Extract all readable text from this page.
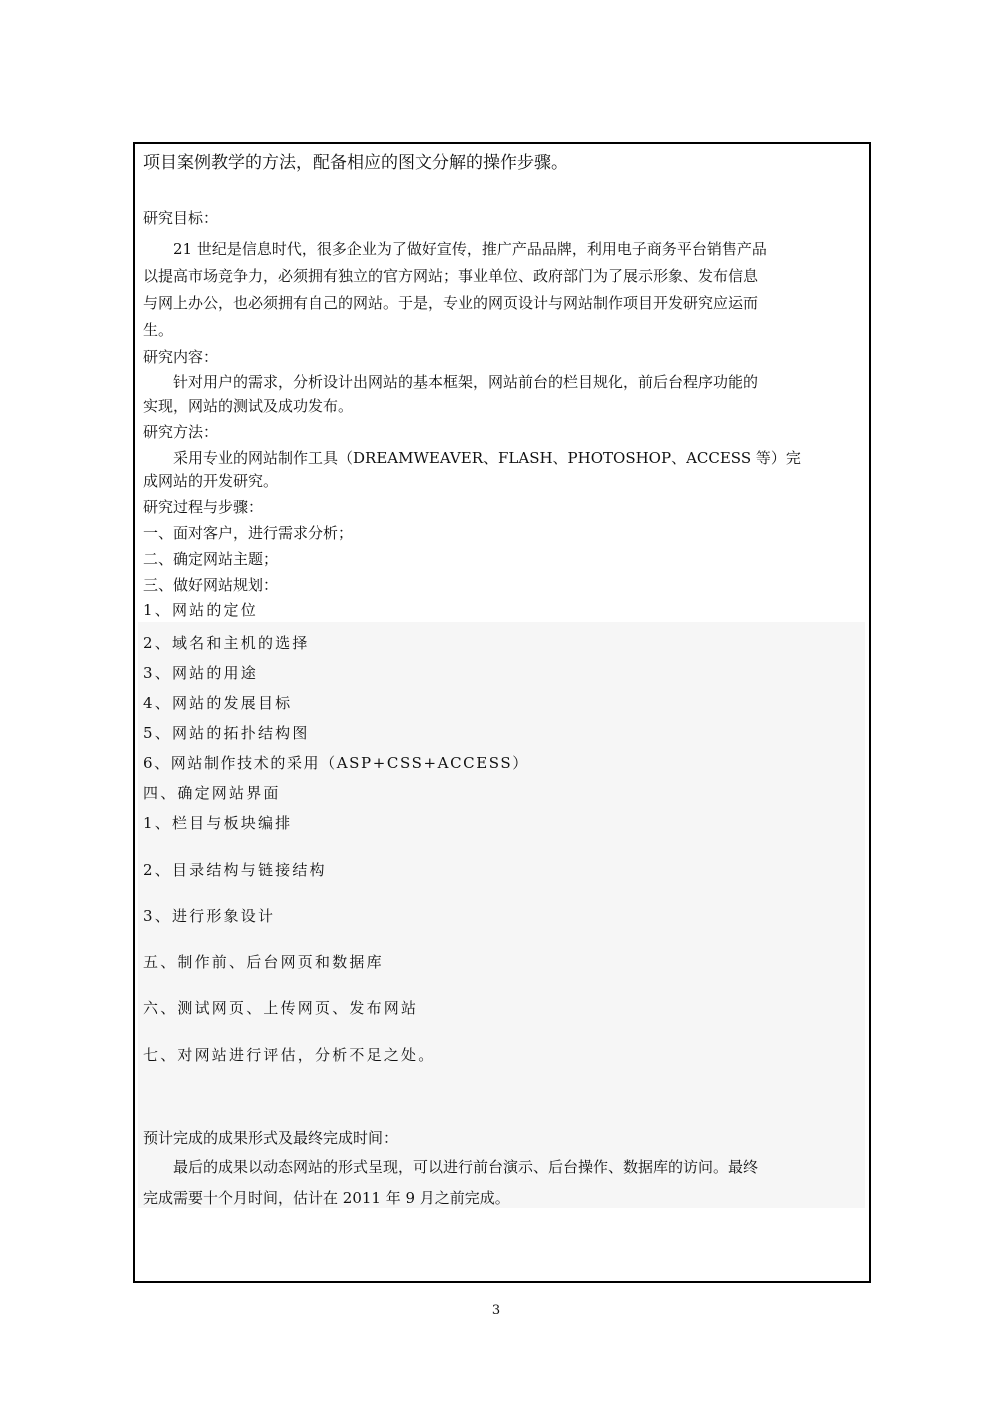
项目案例教学的方法，配备相应的图文分解的操作步骤。
研究目标：
21 世纪是信息时代，很多企业为了做好宣传，推广产品品牌，利用电子商务平台销售产品
以提高市场竞争力，必须拥有独立的官方网站；事业单位、政府部门为了展示形象、发布信息
与网上办公，也必须拥有自己的网站。于是，专业的网页设计与网站制作项目开发研究应运而
生。
研究内容：
针对用户的需求，分析设计出网站的基本框架，网站前台的栏目规化，前后台程序功能的
实现，网站的测试及成功发布。
研究方法：
采用专业的网站制作工具（DREAMWEAVER、FLASH、PHOTOSHOP、ACCESS 等）完
成网站的开发研究。
研究过程与步骤：
一、面对客户，进行需求分析；
二、确定网站主题；
三、做好网站规划：
1、网站的定位
2、域名和主机的选择
3、网站的用途
4、网站的发展目标
5、网站的拓扑结构图
6、网站制作技术的采用（ASP+CSS+ACCESS）
四、确定网站界面
1、栏目与板块编排
2、目录结构与链接结构
3、进行形象设计
五、制作前、后台网页和数据库
六、测试网页、上传网页、发布网站
七、对网站进行评估，分析不足之处。
预计完成的成果形式及最终完成时间：
最后的成果以动态网站的形式呈现，可以进行前台演示、后台操作、数据库的访问。最终
完成需要十个月时间，估计在 2011 年 9 月之前完成。
3
